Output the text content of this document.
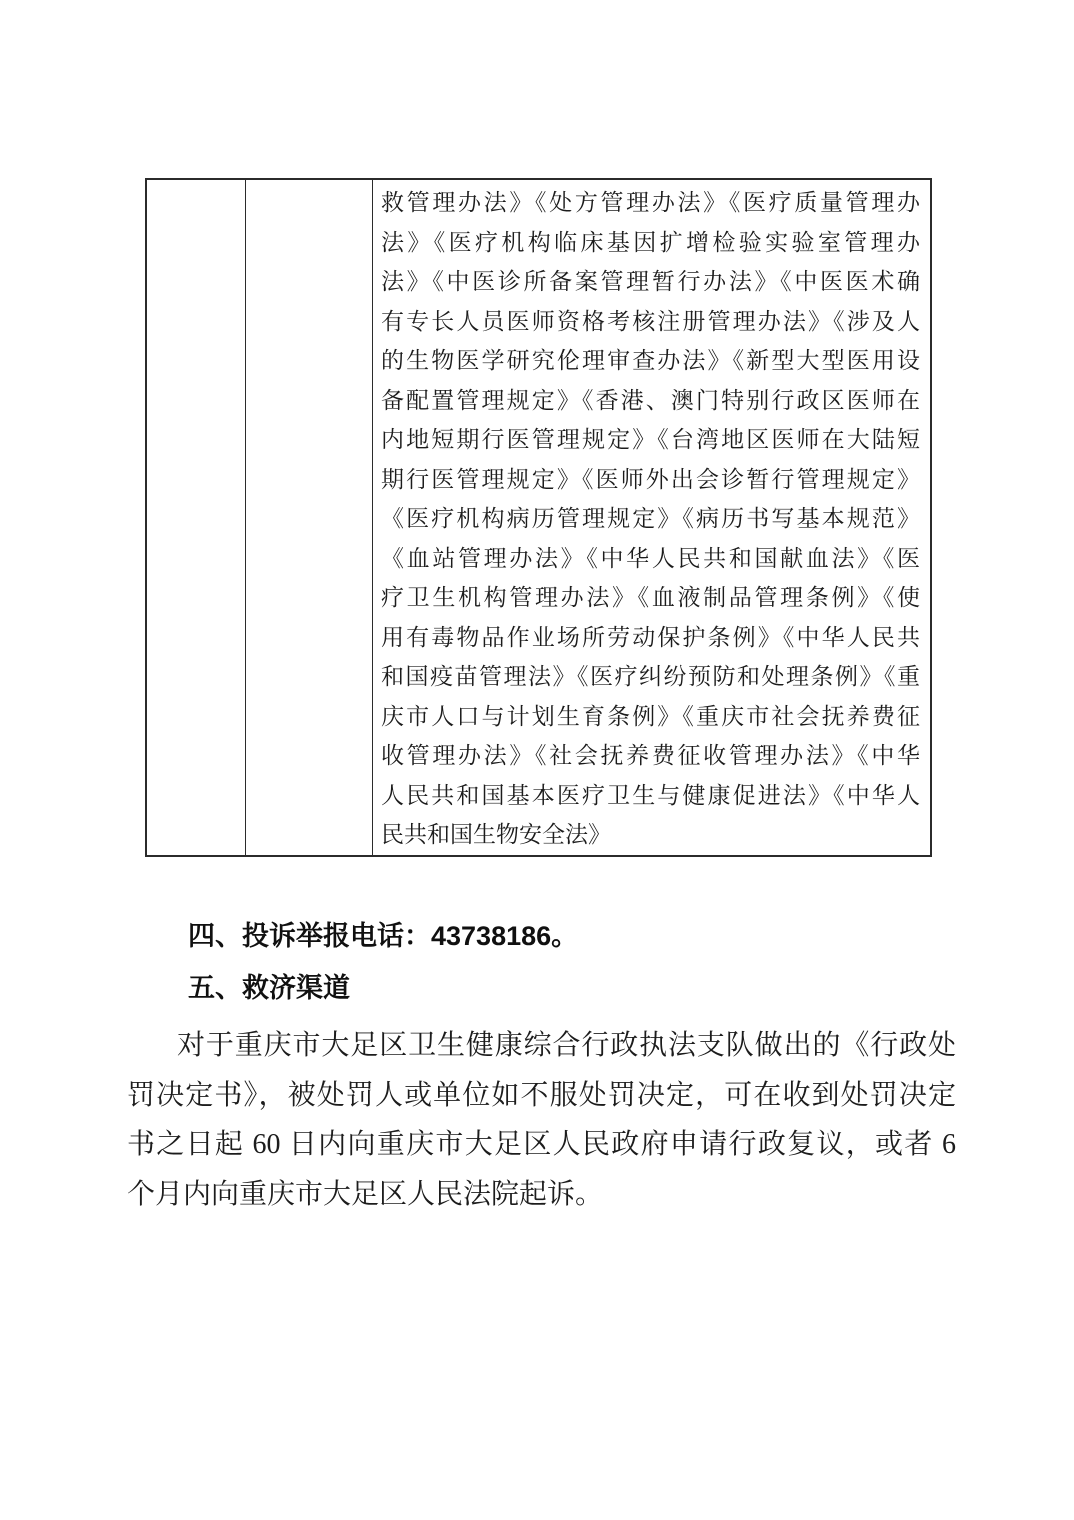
救管理办法》《处方管理办法》《医疗质量管理办
法》《医疗机构临床基因扩增检验实验室管理办
法》《中医诊所备案管理暂行办法》《中医医术确
有专长人员医师资格考核注册管理办法》《涉及人
的生物医学研究伦理审查办法》《新型大型医用设
备配置管理规定》《香港、澳门特别行政区医师在
内地短期行医管理规定》《台湾地区医师在大陆短
期行医管理规定》《医师外出会诊暂行管理规定》
《医疗机构病历管理规定》《病历书写基本规范》
《血站管理办法》《中华人民共和国献血法》《医
疗卫生机构管理办法》《血液制品管理条例》《使
用有毒物品作业场所劳动保护条例》《中华人民共
和国疫苗管理法》《医疗纠纷预防和处理条例》《重
庆市人口与计划生育条例》《重庆市社会抚养费征
收管理办法》《社会抚养费征收管理办法》《中华
人民共和国基本医疗卫生与健康促进法》《中华人
民共和国生物安全法》
四、投诉举报电话：43738186。
五、救济渠道
对于重庆市大足区卫生健康综合行政执法支队做出的《行政处
罚决定书》，被处罚人或单位如不服处罚决定，可在收到处罚决定
书之日起 60 日内向重庆市大足区人民政府申请行政复议，或者 6
个月内向重庆市大足区人民法院起诉。
